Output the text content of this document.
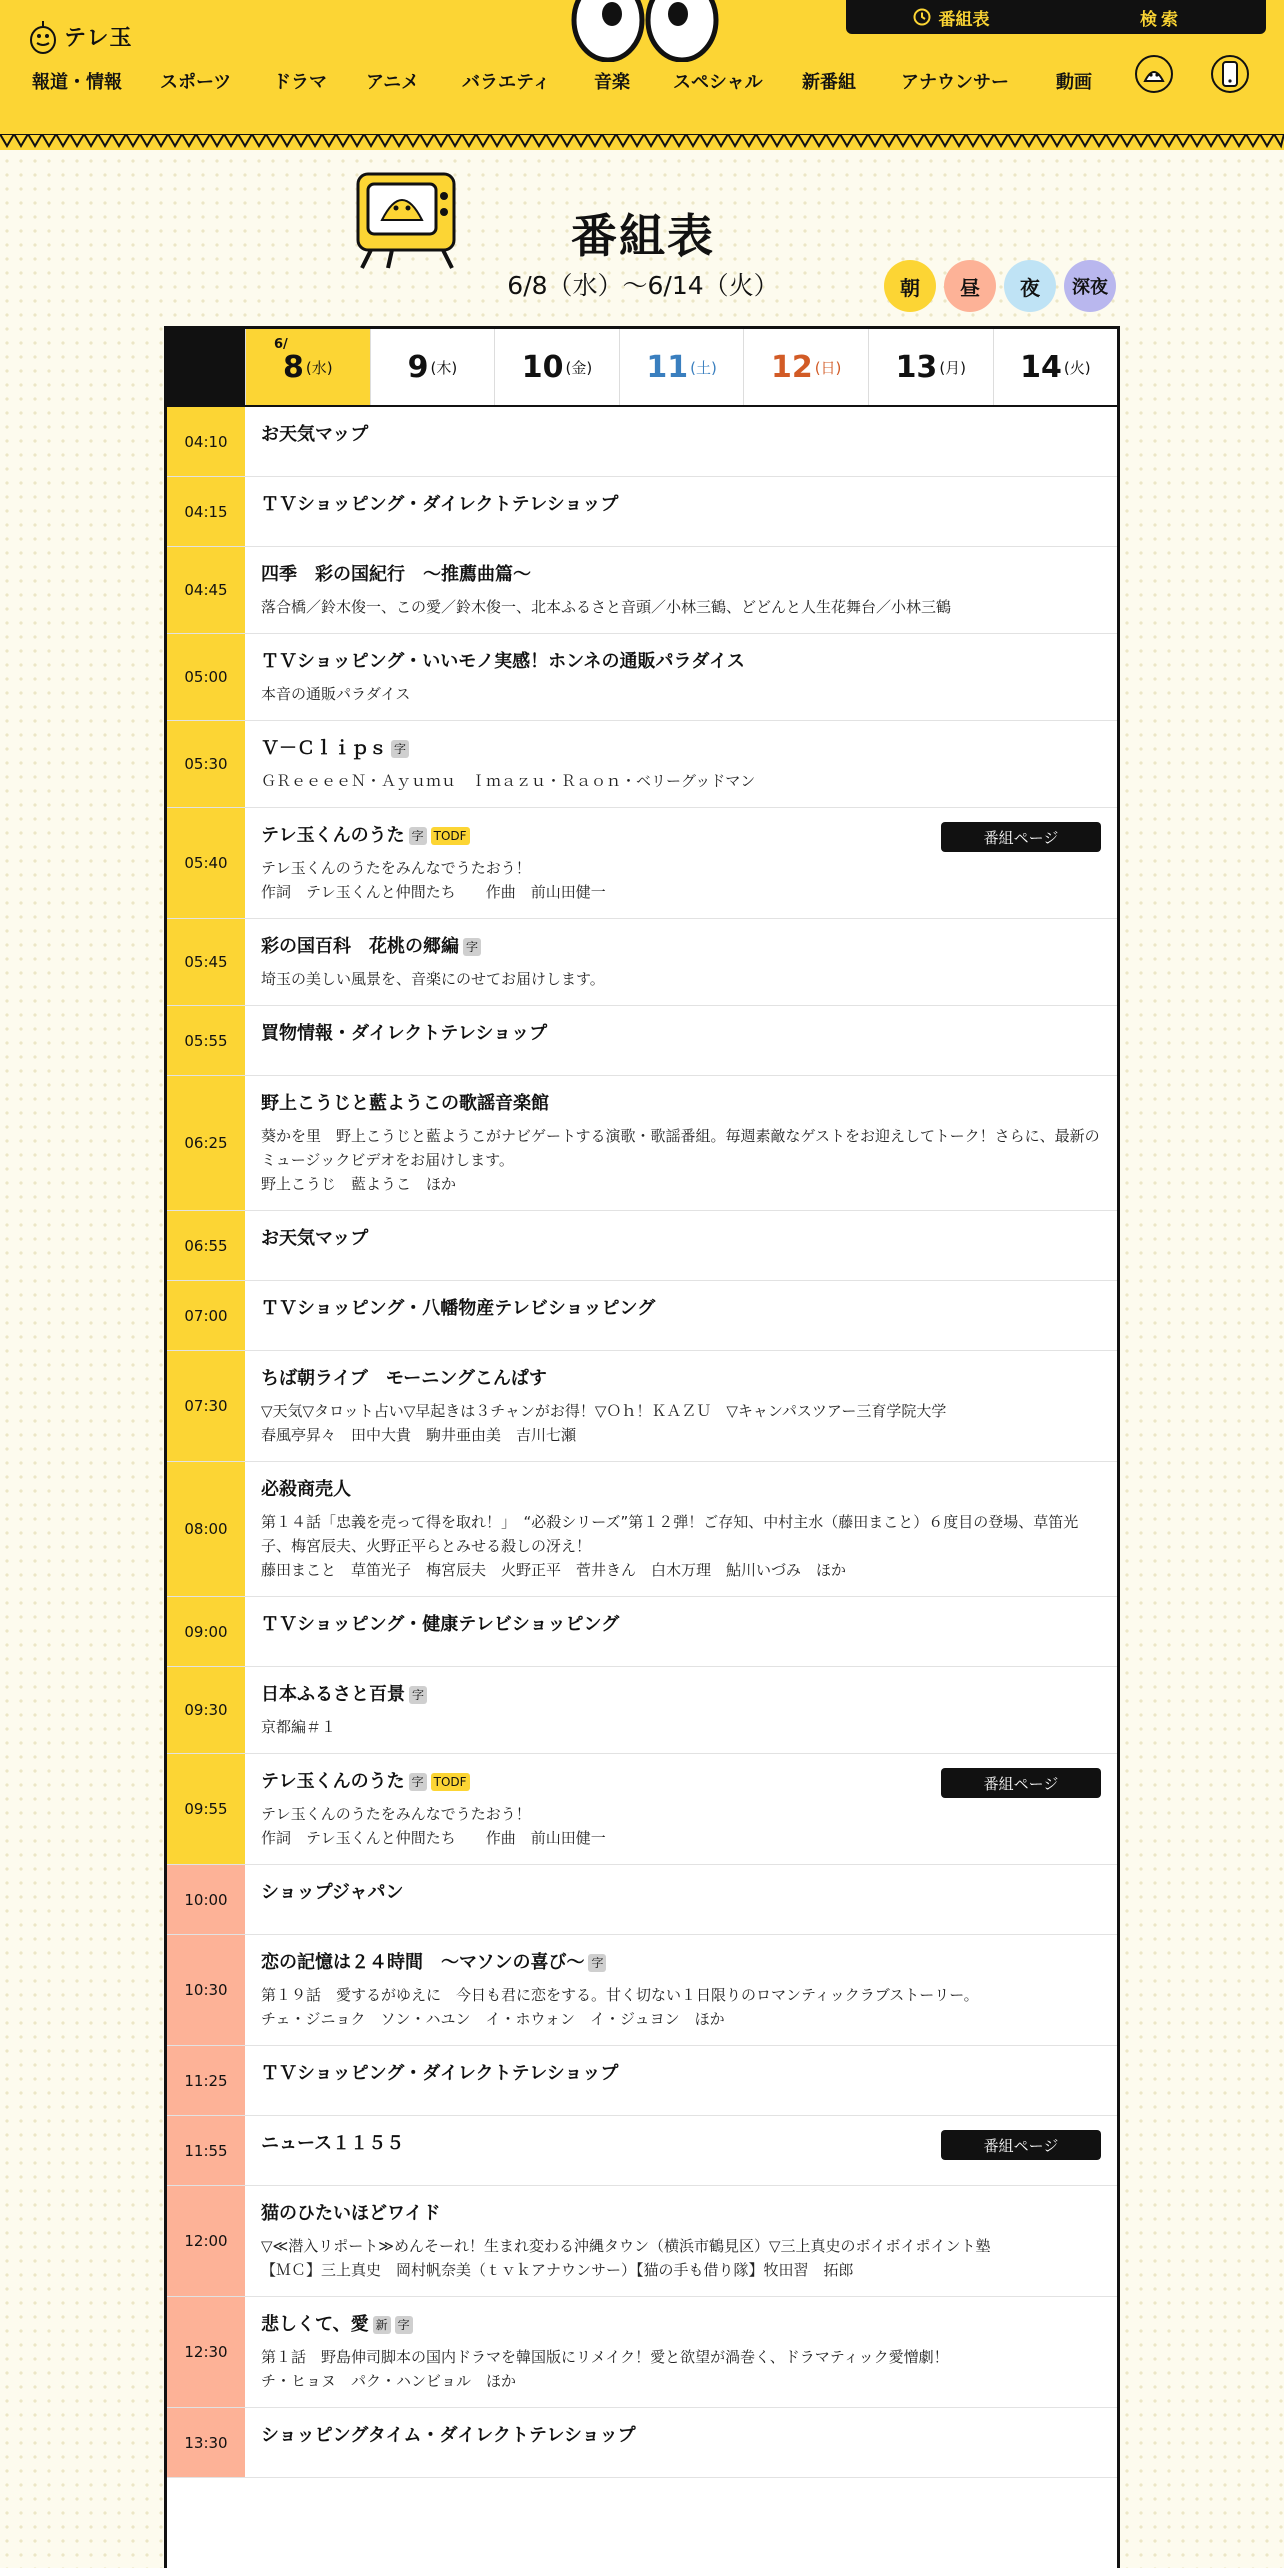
テレ玉
番組表	検索
報道・情報 スポーツ ドラマ アニメ バラエティ 音楽 スペシャル 新番組	アナウンサー	動画
番組表
6/8（水）〜6/14（火）	朝	昼	夜	深夜
6/
8 (水)	9 (木) 10 (金) 11 (土) 12 (日) 13 (月) 14 (火)
04:10	お天気マップ
04:15	ＴＶショッピング・ダイレクトテレショップ
04:45
四季　彩の国紀行　～推薦曲篇～
落合橋／鈴木俊一、この愛／鈴木俊一、北本ふるさと音頭／小林三鶴、どどんと人生花舞台／小林三鶴
05:00
ＴＶショッピング・いいモノ実感！ホンネの通販パラダイス
本音の通販パラダイス
05:30
Ｖ－Ｃｌｉｐｓ 字
ＧＲｅｅｅｅＮ・Ａｙｕｍｕ　Ｉｍａｚｕ・Ｒａｏｎ・ベリーグッドマン
05:40
テレ玉くんのうた 字 TODF
テレ玉くんのうたをみんなでうたおう！
作詞　テレ玉くんと仲間たち　　作曲　前山田健一
番組ページ
05:45
彩の国百科　花桃の郷編 字
埼玉の美しい風景を、音楽にのせてお届けします。
05:55	買物情報・ダイレクトテレショップ
06:25
野上こうじと藍ようこの歌謡音楽館
葵かを里　野上こうじと藍ようこがナビゲートする演歌・歌謡番組。毎週素敵なゲストをお迎えしてトーク！さらに、最新のミュージックビデオをお届けします。
野上こうじ　藍ようこ　ほか
06:55	お天気マップ
07:00	ＴＶショッピング・八幡物産テレビショッピング
07:30
ちば朝ライブ　モーニングこんぱす
▽天気▽タロット占い▽早起きは３チャンがお得！▽Ｏｈ！ＫＡＺＵ　▽キャンパスツアー三育学院大学
春風亭昇々　田中大貴　駒井亜由美　吉川七瀬
08:00
必殺商売人
第１４話「忠義を売って得を取れ！」　“必殺シリーズ”第１２弾！ご存知、中村主水（藤田まこと）６度目の登場、草笛光子、梅宮辰夫、火野正平らとみせる殺しの冴え！
藤田まこと　草笛光子　梅宮辰夫　火野正平　菅井きん　白木万理　鮎川いづみ　ほか
09:00	ＴＶショッピング・健康テレビショッピング
09:30
日本ふるさと百景 字
京都編＃１
09:55
テレ玉くんのうた 字 TODF
テレ玉くんのうたをみんなでうたおう！
作詞　テレ玉くんと仲間たち　　作曲　前山田健一
番組ページ
10:00	ショップジャパン
10:30
恋の記憶は２４時間　～マソンの喜び～ 字
第１９話　愛するがゆえに　今日も君に恋をする。甘く切ない１日限りのロマンティックラブストーリー。
チェ・ジニョク　ソン・ハユン　イ・ホウォン　イ・ジュヨン　ほか
11:25	ＴＶショッピング・ダイレクトテレショップ
11:55	ニュース１１５５	番組ページ
12:00
猫のひたいほどワイド
▽≪潜入リポート≫めんそーれ！生まれ変わる沖縄タウン（横浜市鶴見区）▽三上真史のボイボイポイント塾
【ＭＣ】三上真史　岡村帆奈美（ｔｖｋアナウンサー）【猫の手も借り隊】牧田習　拓郎
12:30
悲しくて、愛 新 字
第１話　野島伸司脚本の国内ドラマを韓国版にリメイク！愛と欲望が渦巻く、ドラマティック愛憎劇！
チ・ヒョヌ　パク・ハンビョル　ほか
13:30	ショッピングタイム・ダイレクトテレショップ
